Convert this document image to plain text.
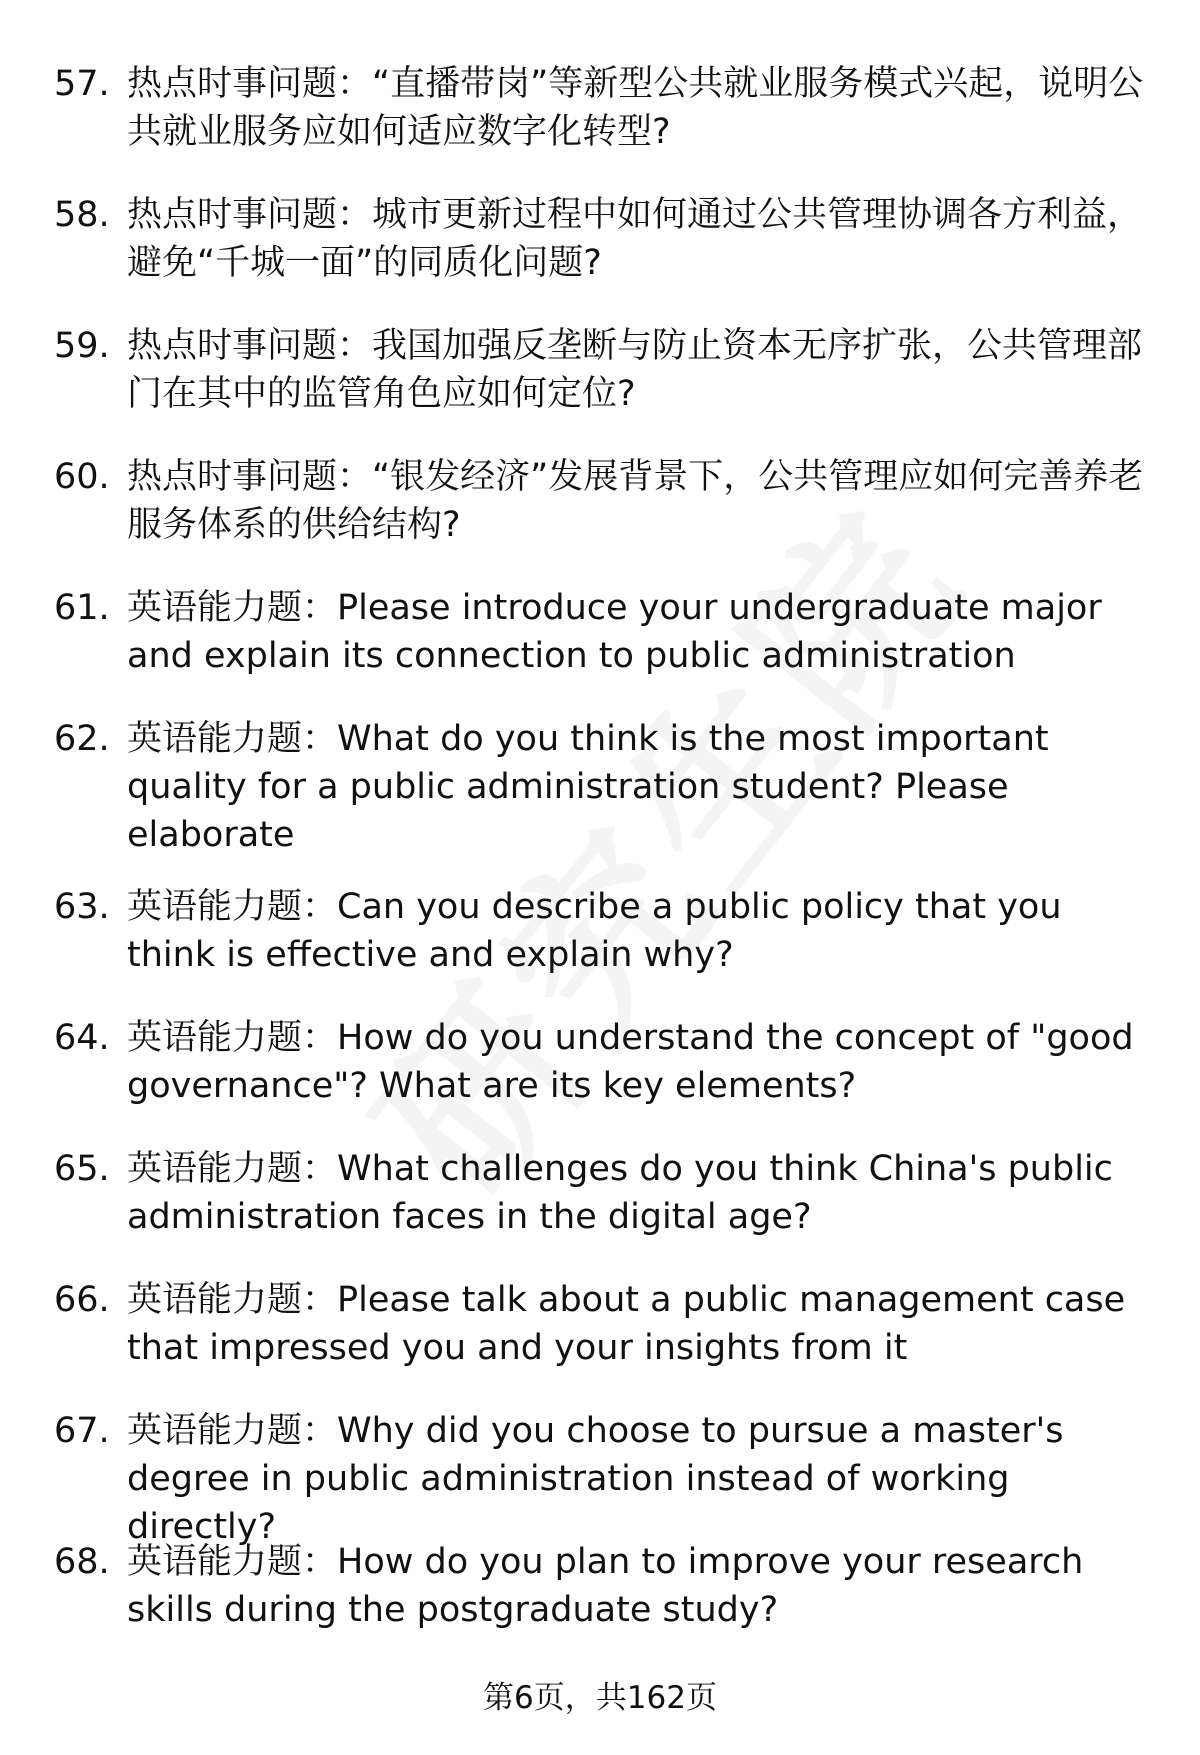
57. 热点时事问题：“直播带岗”等新型公共就业服务模式兴起，说明公共就业服务应如何适应数字化转型?
58. 热点时事问题：城市更新过程中如何通过公共管理协调各方利益，避免“千城一面”的同质化问题?
59. 热点时事问题：我国加强反垄断与防止资本无序扩张，公共管理部门在其中的监管角色应如何定位?
60. 热点时事问题：“银发经济”发展背景下，公共管理应如何完善养老服务体系的供给结构?
61. 英语能力题：Please introduce your undergraduate major and explain its connection to public administration
62. 英语能力题：What do you think is the most important quality for a public administration student? Please elaborate
63. 英语能力题：Can you describe a public policy that you think is effective and explain why?
64. 英语能力题：How do you understand the concept of "good governance"? What are its key elements?
65. 英语能力题：What challenges do you think China's public administration faces in the digital age?
66. 英语能力题：Please talk about a public management case that impressed you and your insights from it
67. 英语能力题：Why did you choose to pursue a master's degree in public administration instead of working directly?
68. 英语能力题：How do you plan to improve your research skills during the postgraduate study?
第6页，共162页
